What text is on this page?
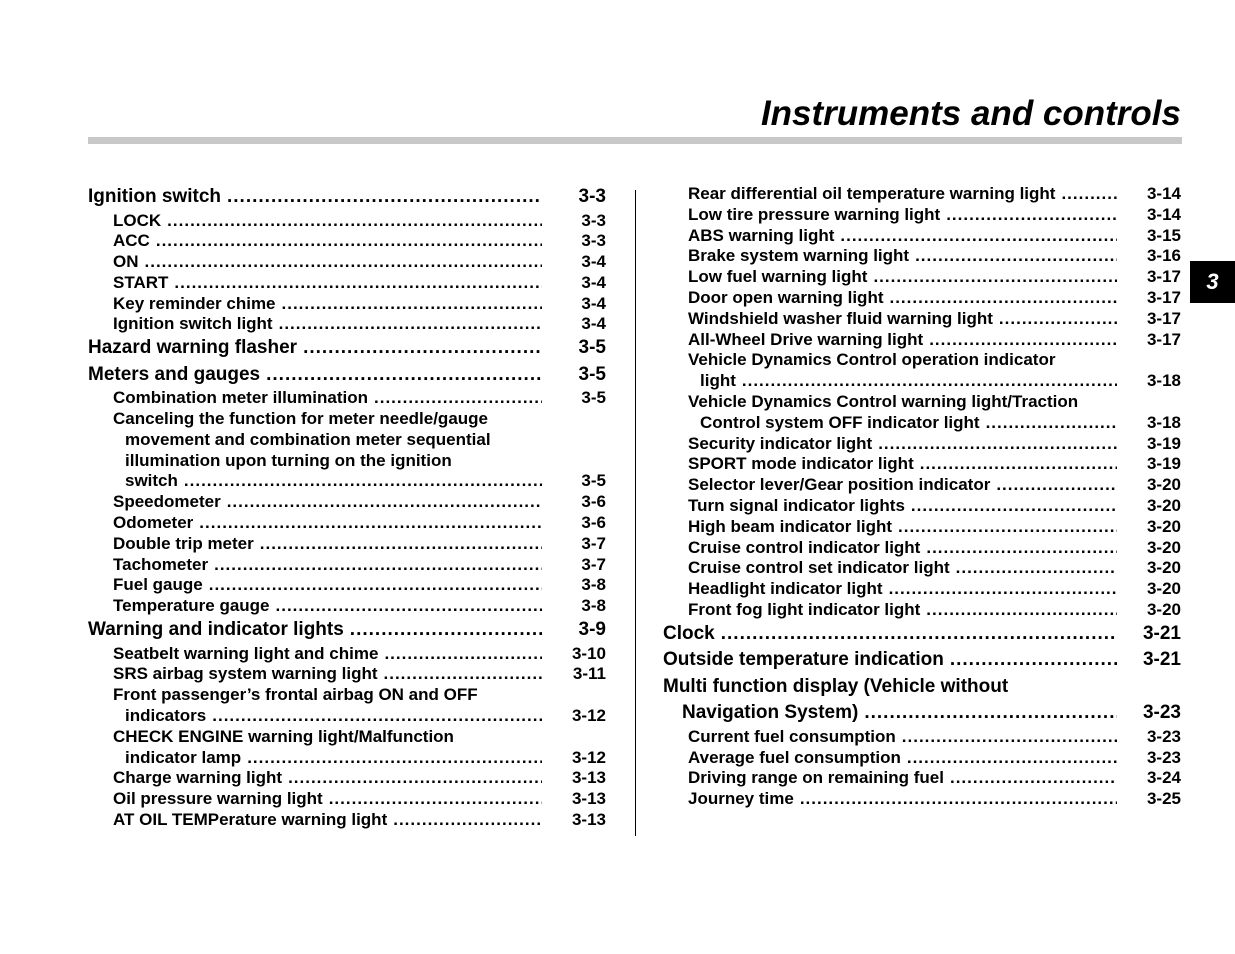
Instruments and controls
3
Ignition switch .....	3-3
LOCK .....	3-3
ACC .....	3-3
ON .....	3-4
START .....	3-4
Key reminder chime .....	3-4
Ignition switch light .....	3-4
Hazard warning flasher .....	3-5
Meters and gauges .....	3-5
Combination meter illumination .....	3-5
Canceling the function for meter needle/gauge
movement and combination meter sequential
illumination upon turning on the ignition
switch .....	3-5
Speedometer .....	3-6
Odometer .....	3-6
Double trip meter .....	3-7
Tachometer .....	3-7
Fuel gauge .....	3-8
Temperature gauge .....	3-8
Warning and indicator lights .....	3-9
Seatbelt warning light and chime .....	3-10
SRS airbag system warning light .....	3-11
Front passenger’s frontal airbag ON and OFF
indicators .....	3-12
CHECK ENGINE warning light/Malfunction
indicator lamp .....	3-12
Charge warning light .....	3-13
Oil pressure warning light .....	3-13
AT OIL TEMPerature warning light .....	3-13
Rear differential oil temperature warning light .....	3-14
Low tire pressure warning light .....	3-14
ABS warning light .....	3-15
Brake system warning light .....	3-16
Low fuel warning light .....	3-17
Door open warning light .....	3-17
Windshield washer fluid warning light .....	3-17
All-Wheel Drive warning light .....	3-17
Vehicle Dynamics Control operation indicator
light .....	3-18
Vehicle Dynamics Control warning light/Traction
Control system OFF indicator light .....	3-18
Security indicator light .....	3-19
SPORT mode indicator light .....	3-19
Selector lever/Gear position indicator .....	3-20
Turn signal indicator lights .....	3-20
High beam indicator light .....	3-20
Cruise control indicator light .....	3-20
Cruise control set indicator light .....	3-20
Headlight indicator light .....	3-20
Front fog light indicator light .....	3-20
Clock .....	3-21
Outside temperature indication .....	3-21
Multi function display (Vehicle without
Navigation System) .....	3-23
Current fuel consumption .....	3-23
Average fuel consumption .....	3-23
Driving range on remaining fuel .....	3-24
Journey time .....	3-25
